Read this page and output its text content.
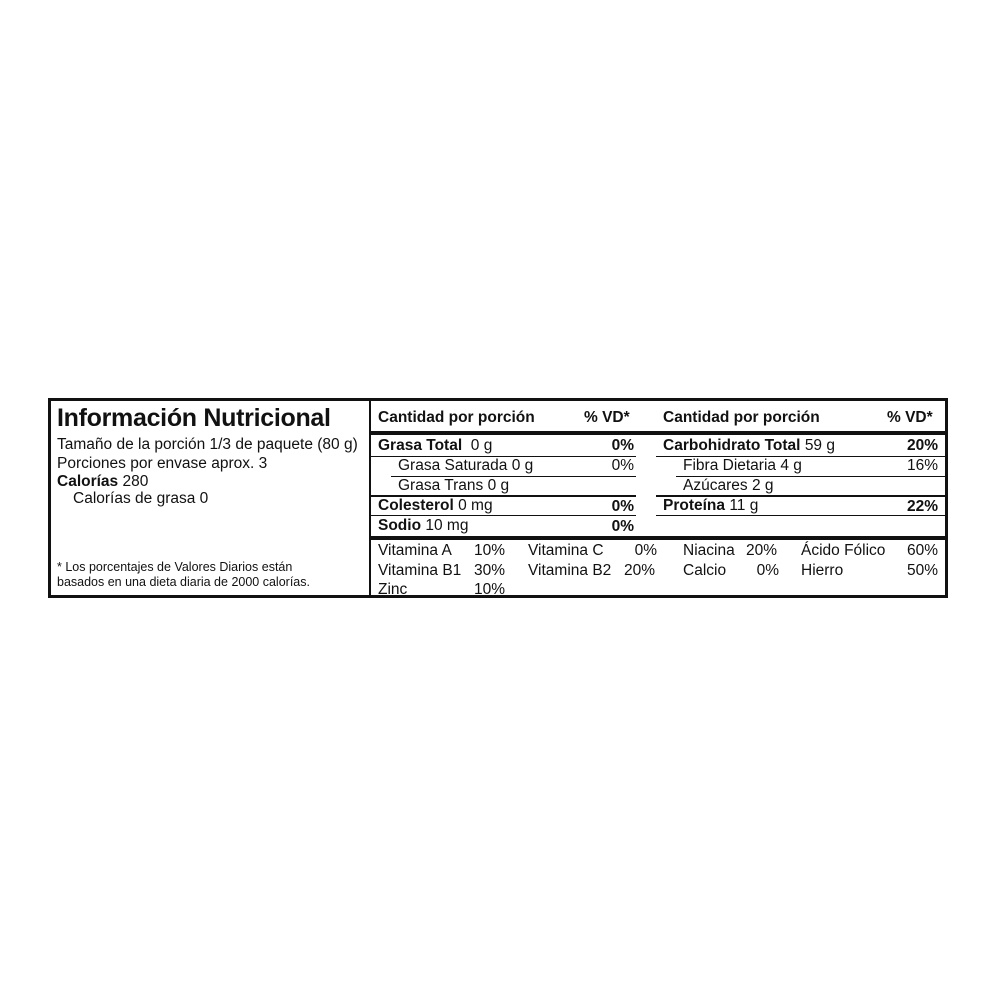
Información Nutricional
Tamaño de la porción 1/3 de paquete (80 g)
Porciones por envase aprox. 3
Calorías 280
Calorías de grasa 0
* Los porcentajes de Valores Diarios están
basados en una dieta diaria de 2000 calorías.
Cantidad por porción	% VD* Cantidad por porción	% VD*
Grasa Total 0 g	0%
Grasa Saturada 0 g	0%
Grasa Trans 0 g
Colesterol 0 mg	0%
Sodio 10 mg	0%
Carbohidrato Total 59 g	20%
Fibra Dietaria 4 g	16%
Azúcares 2 g
Proteína 11 g	22%
Vitamina A 10% Vitamina C	0% Niacina 20% Ácido Fólico	60%
Vitamina B1 30% Vitamina B2 20% Calcio	0% Hierro	50%
Zinc	10%
